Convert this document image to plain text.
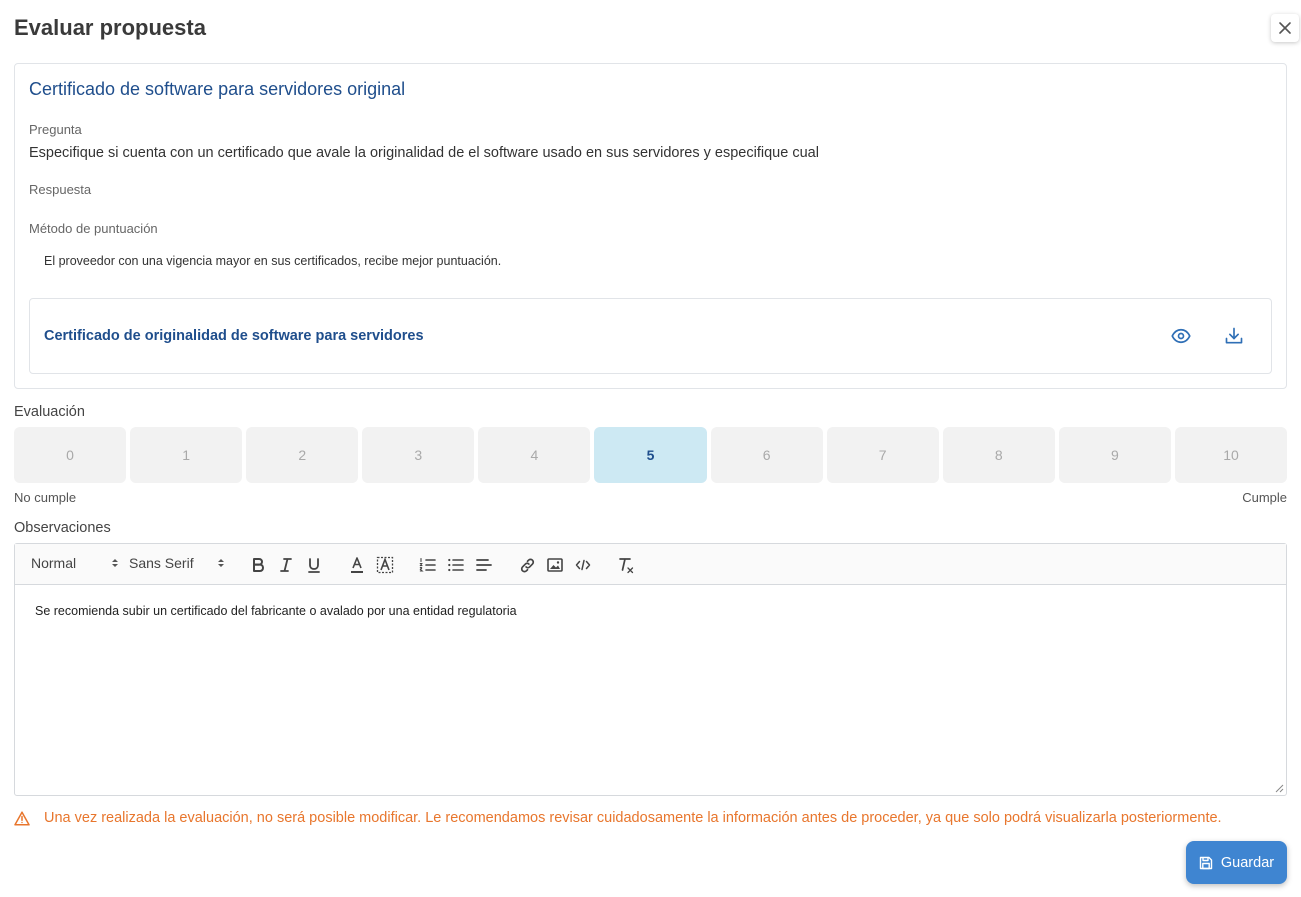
Evaluar propuesta
Certificado de software para servidores original
Pregunta
Especifique si cuenta con un certificado que avale la originalidad de el software usado en sus servidores y especifique cual
Respuesta
Método de puntuación
El proveedor con una vigencia mayor en sus certificados, recibe mejor puntuación.
Certificado de originalidad de software para servidores
Evaluación
0	1	2	3	4	5	6	7	8	9	10
No cumple	Cumple
Observaciones
Normal	Sans Serif
Se recomienda subir un certificado del fabricante o avalado por una entidad regulatoria
Una vez realizada la evaluación, no será posible modificar. Le recomendamos revisar cuidadosamente la información antes de proceder, ya que solo podrá visualizarla posteriormente.
Guardar
